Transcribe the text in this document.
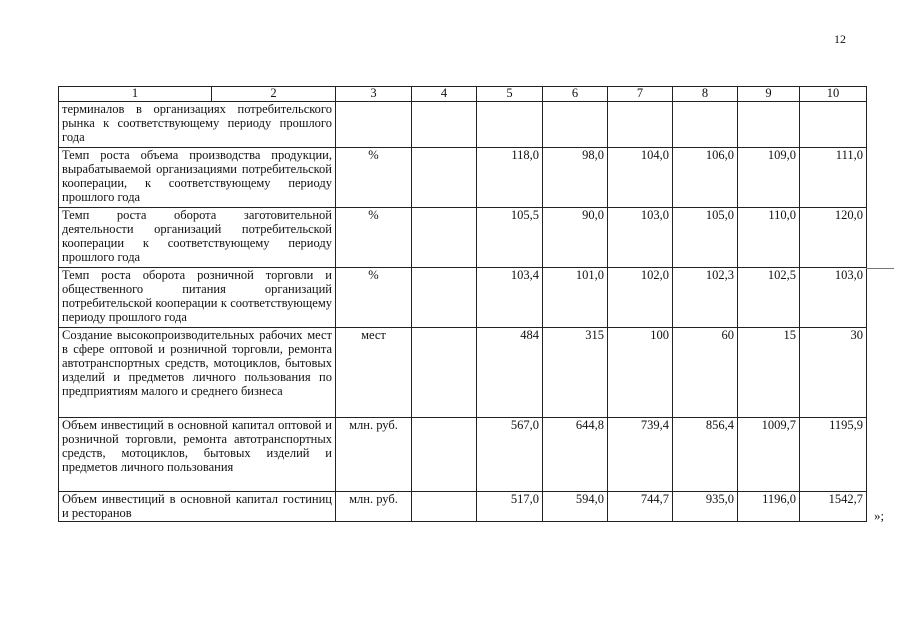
12
1	2	3	4	5	6	7	8	9	10
терминалов в организациях потребительского рынка к соответствующему периоду прошлого года									
Темп роста объема производства продукции, вырабатываемой организациями потребительской кооперации, к соответствующему периоду прошлого года		%		118,0	98,0	104,0	106,0	109,0	111,0
Темп роста оборота заготовительной деятельности организаций потребительской кооперации к соответствующему периоду прошлого года		%		105,5	90,0	103,0	105,0	110,0	120,0
Темп роста оборота розничной торговли и общественного питания организаций потребительской кооперации к соответствующему периоду прошлого года		%		103,4	101,0	102,0	102,3	102,5	103,0
Создание высокопроизводительных рабочих мест в сфере оптовой и розничной торговли, ремонта автотранспортных средств, мотоциклов, бытовых изделий и предметов личного пользования по предприятиям малого и среднего бизнеса		мест		484	315	100	60	15	30
Объем инвестиций в основной капитал оптовой и розничной торговли, ремонта автотранспортных средств, мотоциклов, бытовых изделий и предметов личного пользования		млн. руб.		567,0	644,8	739,4	856,4	1009,7	1195,9
Объем инвестиций в основной капитал гостиниц и ресторанов		млн. руб.		517,0	594,0	744,7	935,0	1196,0	1542,7
»;
